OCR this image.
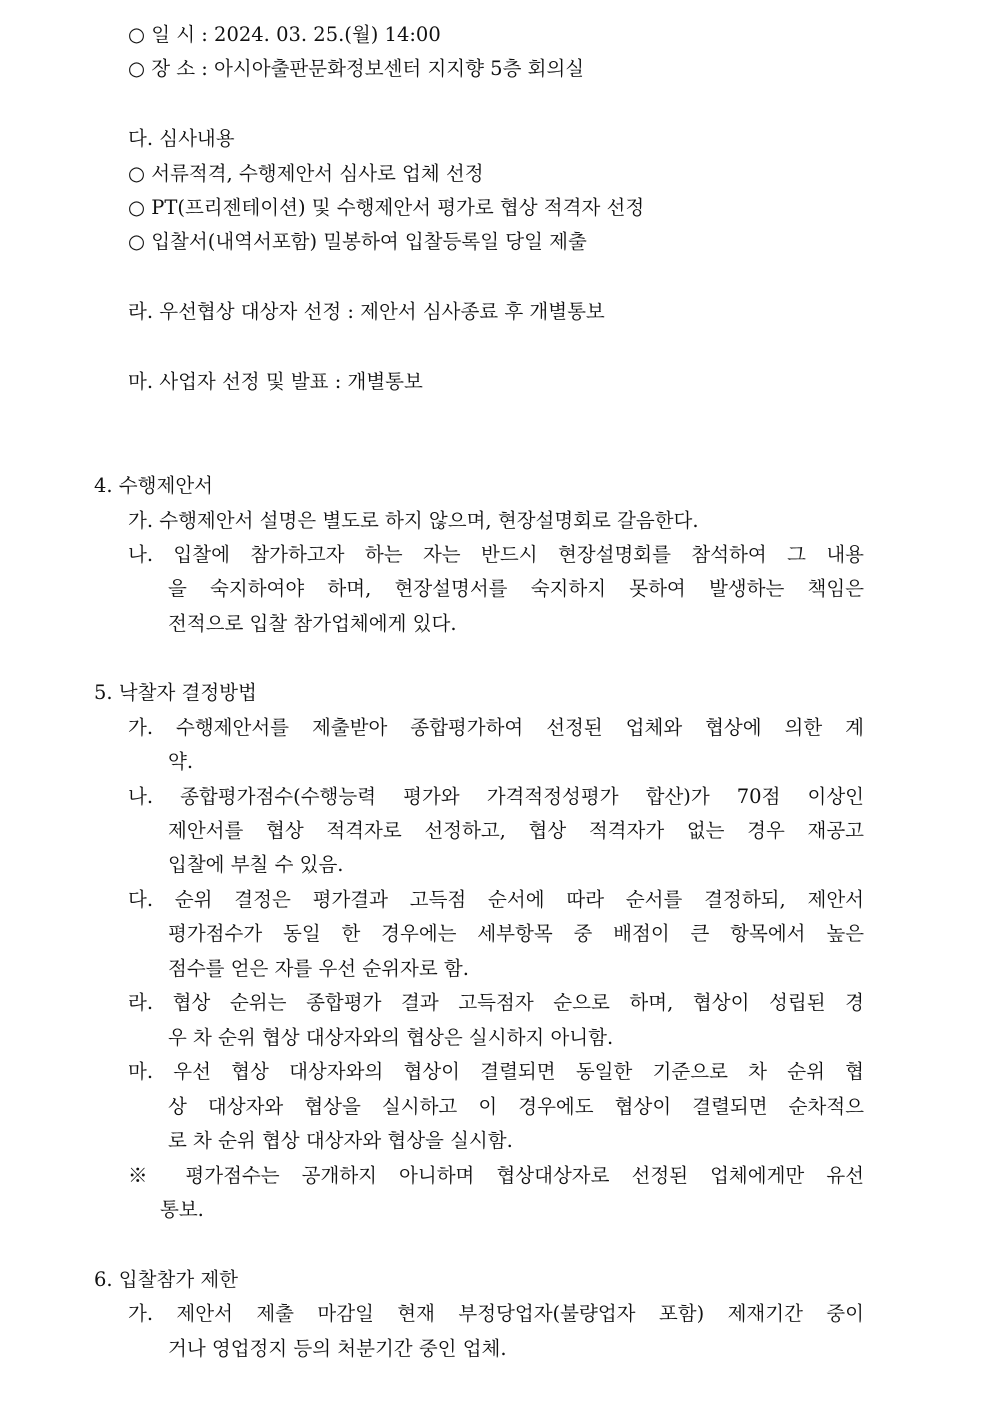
○ 일 시 : 2024. 03. 25.(월) 14:00
○ 장 소 : 아시아출판문화정보센터 지지향 5층 회의실
다. 심사내용
○ 서류적격, 수행제안서 심사로 업체 선정
○ PT(프리젠테이션) 및 수행제안서 평가로 협상 적격자 선정
○ 입찰서(내역서포함) 밀봉하여 입찰등록일 당일 제출
라. 우선협상 대상자 선정 : 제안서 심사종료 후 개별통보
마. 사업자 선정 및 발표 : 개별통보
4. 수행제안서
가. 수행제안서 설명은 별도로 하지 않으며, 현장설명회로 갈음한다.
나. 입찰에 참가하고자 하는 자는 반드시 현장설명회를 참석하여 그 내용
을 숙지하여야 하며, 현장설명서를 숙지하지 못하여 발생하는 책임은
전적으로 입찰 참가업체에게 있다.
5. 낙찰자 결정방법
가. 수행제안서를 제출받아 종합평가하여 선정된 업체와 협상에 의한 계
약.
나. 종합평가점수(수행능력 평가와 가격적정성평가 합산)가 70점 이상인
제안서를 협상 적격자로 선정하고, 협상 적격자가 없는 경우 재공고
입찰에 부칠 수 있음.
다. 순위 결정은 평가결과 고득점 순서에 따라 순서를 결정하되, 제안서
평가점수가 동일 한 경우에는 세부항목 중 배점이 큰 항목에서 높은
점수를 얻은 자를 우선 순위자로 함.
라. 협상 순위는 종합평가 결과 고득점자 순으로 하며, 협상이 성립된 경
우 차 순위 협상 대상자와의 협상은 실시하지 아니함.
마. 우선 협상 대상자와의 협상이 결렬되면 동일한 기준으로 차 순위 협
상 대상자와 협상을 실시하고 이 경우에도 협상이 결렬되면 순차적으
로 차 순위 협상 대상자와 협상을 실시함.
※ 평가점수는 공개하지 아니하며 협상대상자로 선정된 업체에게만 유선
통보.
6. 입찰참가 제한
가. 제안서 제출 마감일 현재 부정당업자(불량업자 포함) 제재기간 중이
거나 영업정지 등의 처분기간 중인 업체.
